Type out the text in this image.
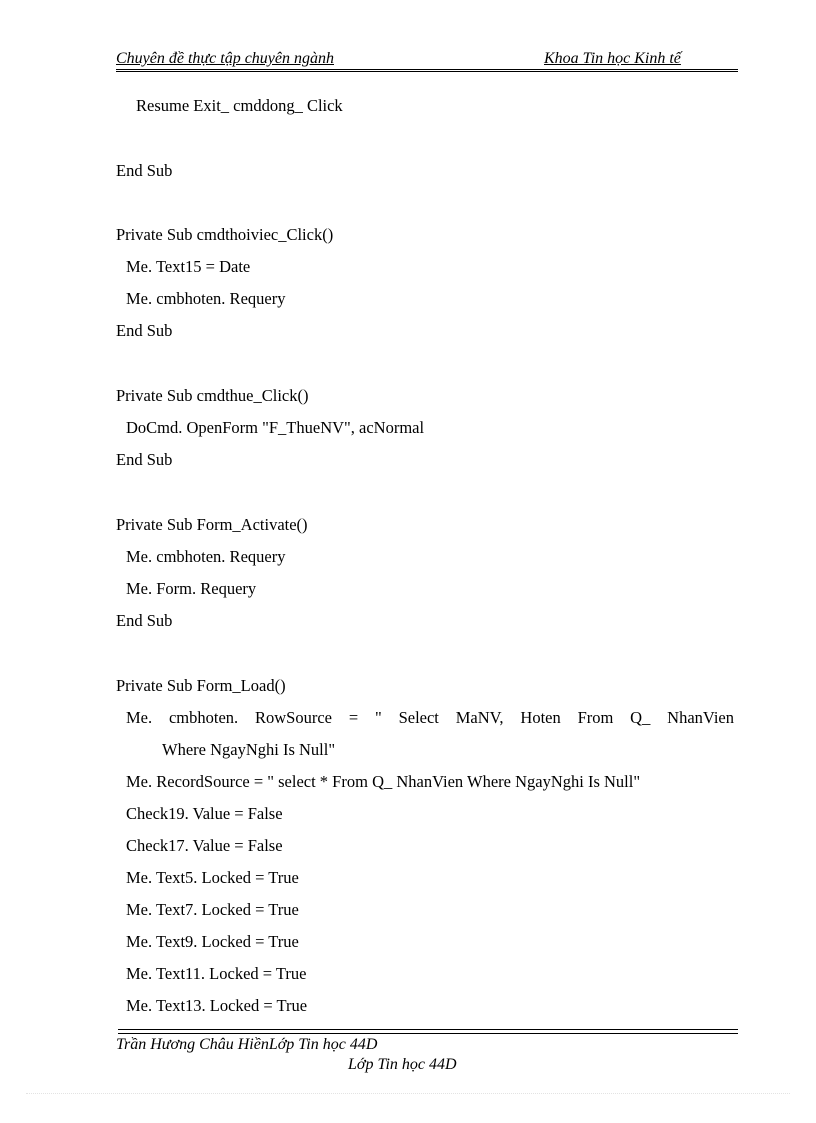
Chuyên đề thực tập chuyên ngành	Khoa Tin học Kinh tế
Resume Exit_ cmddong_ Click
End Sub
Private Sub cmdthoiviec_Click()
Me. Text15 = Date
Me. cmbhoten. Requery
End Sub
Private Sub cmdthue_Click()
DoCmd. OpenForm "F_ThueNV", acNormal
End Sub
Private Sub Form_Activate()
Me. cmbhoten. Requery
Me. Form. Requery
End Sub
Private Sub Form_Load()
Me. cmbhoten. RowSource = " Select MaNV, Hoten From Q_ NhanVien
Where NgayNghi Is Null"
Me. RecordSource = " select * From Q_ NhanVien Where NgayNghi Is Null"
Check19. Value = False
Check17. Value = False
Me. Text5. Locked = True
Me. Text7. Locked = True
Me. Text9. Locked = True
Me. Text11. Locked = True
Me. Text13. Locked = True
Trần Hương Châu HiềnLớp Tin học 44D
Lớp Tin học 44D
